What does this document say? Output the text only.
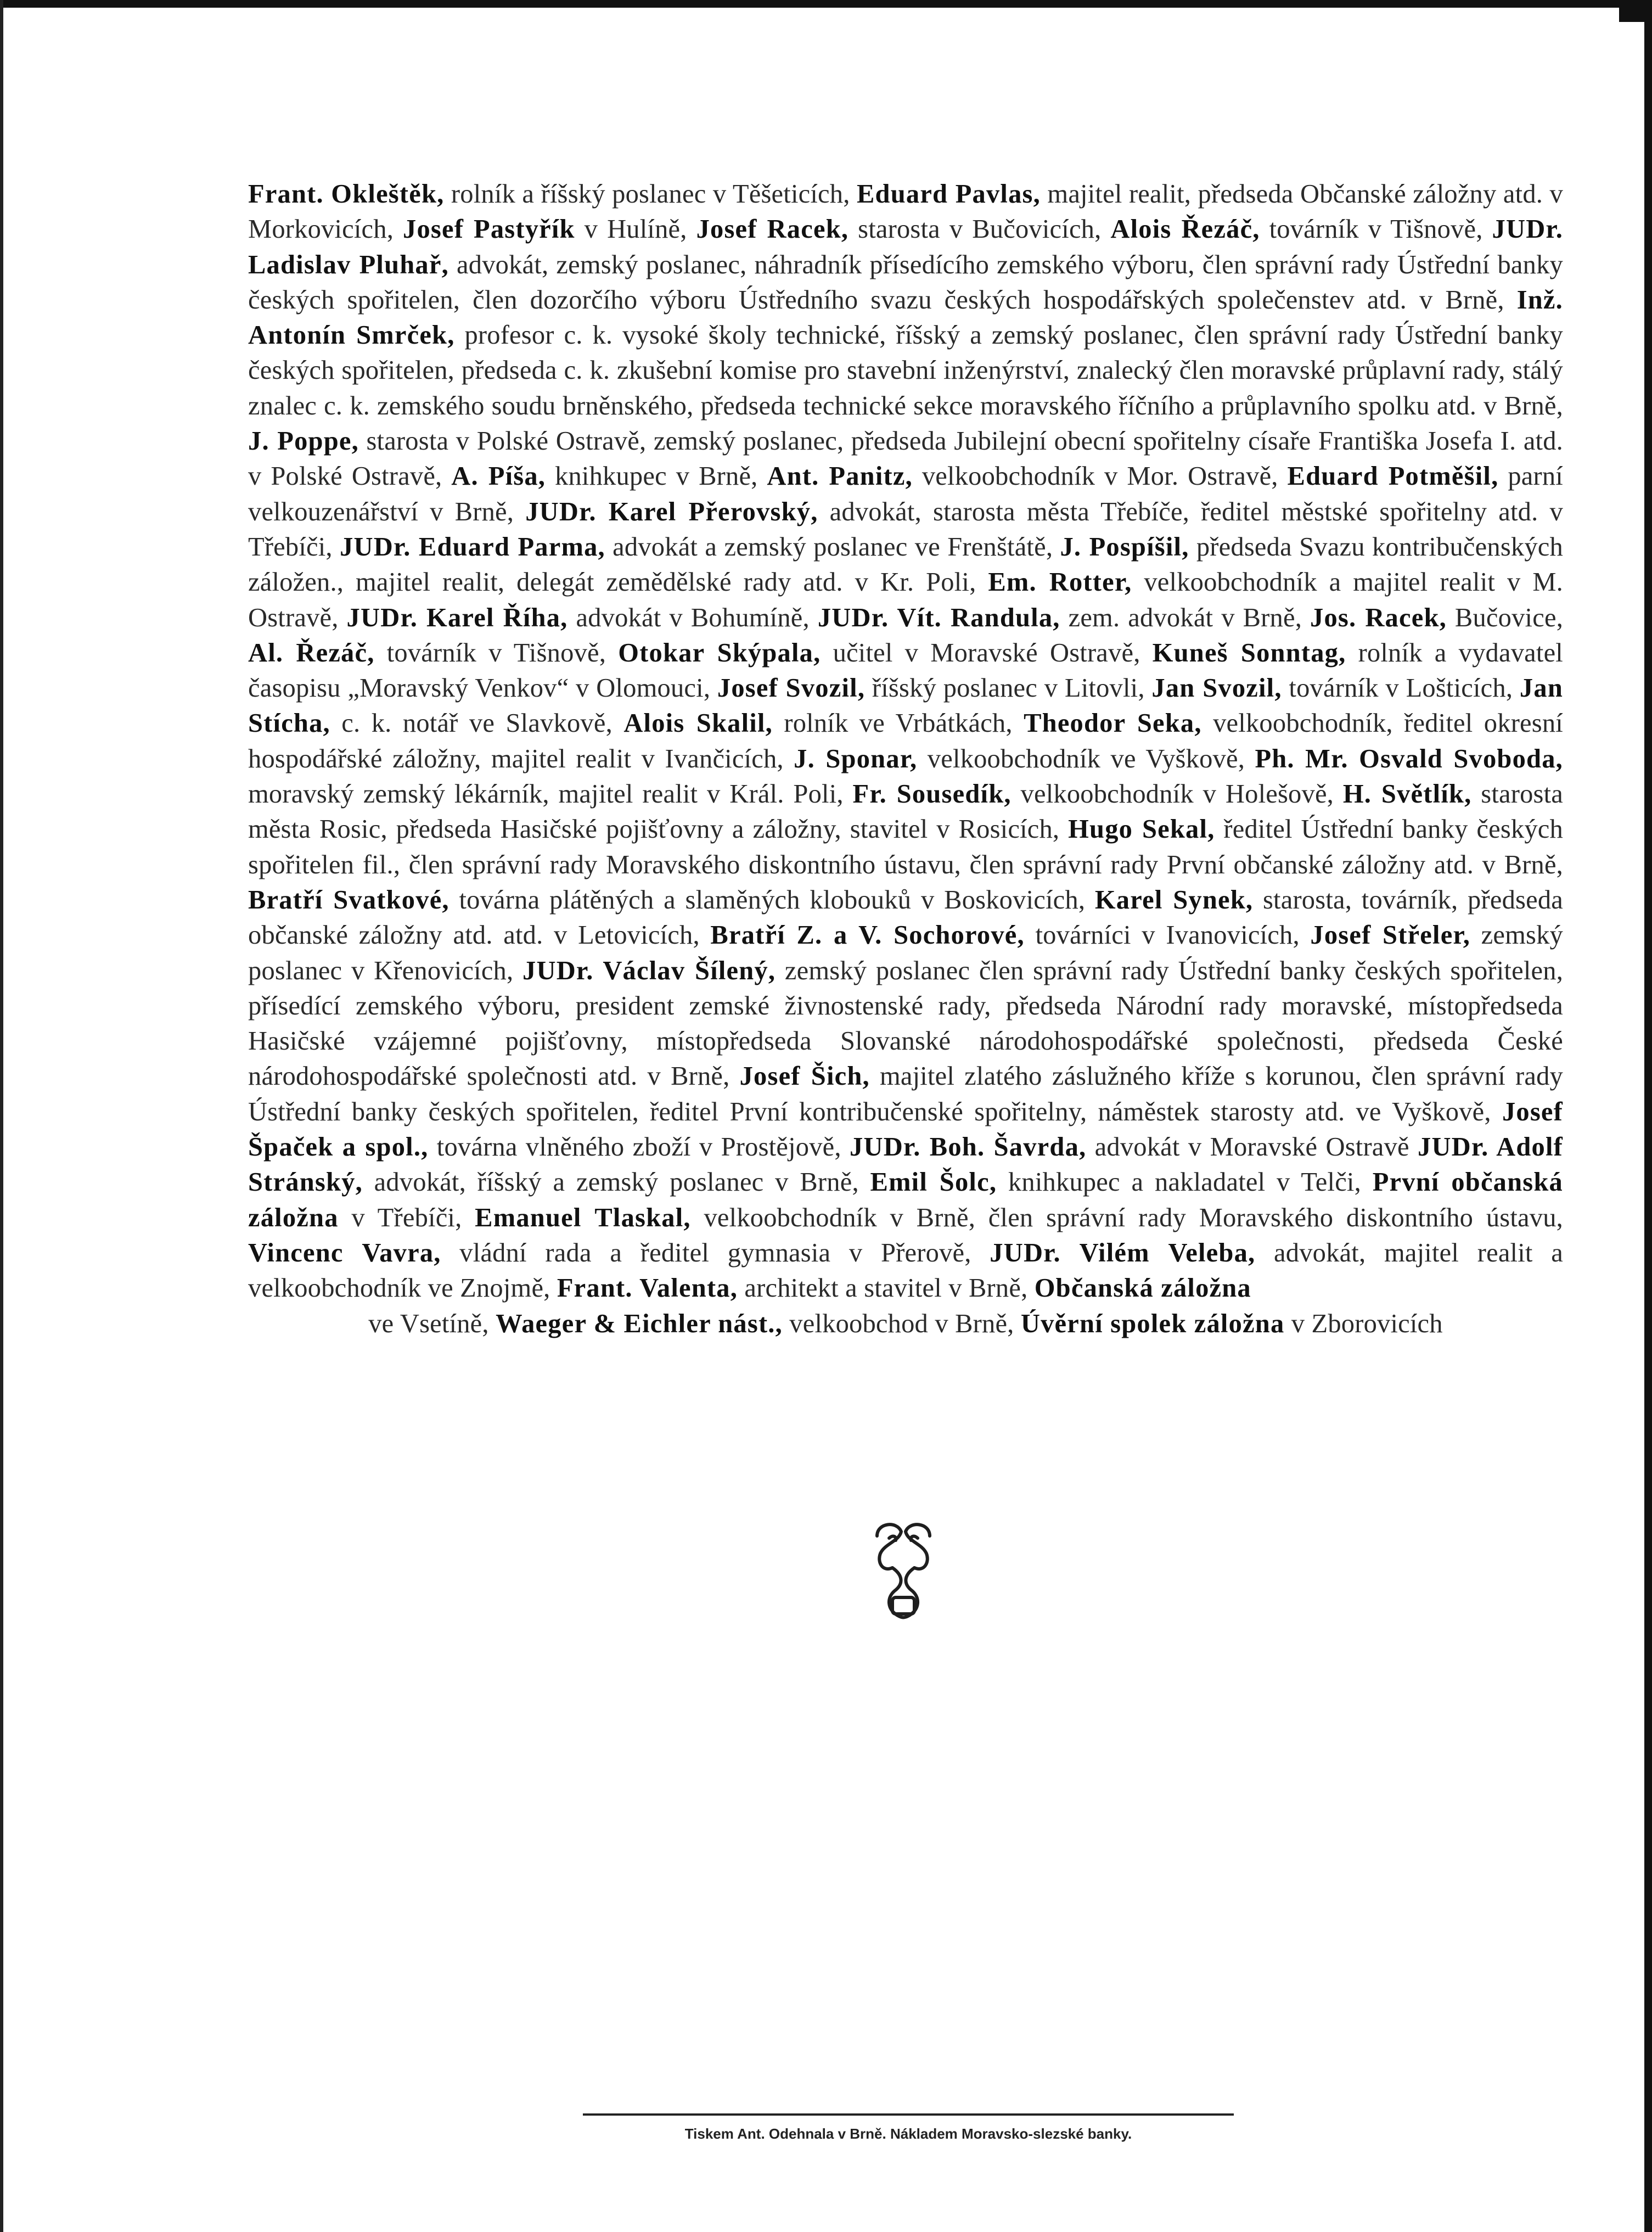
Frant. Okleštěk, rolník a říšský poslanec v Těšeticích, Eduard Pavlas, majitel realit, předseda Občanské záložny atd. v Morkovicích, Josef Pastyřík v Hulíně, Josef Racek, starosta v Bučovicích, Alois Řezáč, továrník v Tišnově, JUDr. Ladislav Pluhař, advokát, zemský poslanec, náhradník přísedícího zemského výboru, člen správní rady Ústřední banky českých spořitelen, člen dozorčího výboru Ústředního svazu českých hospodářských společenstev atd. v Brně, Inž. Antonín Smrček, profesor c. k. vysoké školy technické, říšský a zemský poslanec, člen správní rady Ústřední banky českých spořitelen, předseda c. k. zkušební komise pro stavební inženýrství, znalecký člen moravské průplavní rady, stálý znalec c. k. zemského soudu brněnského, předseda technické sekce moravského říčního a průplavního spolku atd. v Brně, J. Poppe, starosta v Polské Ostravě, zemský poslanec, předseda Jubilejní obecní spořitelny císaře Františka Josefa I. atd. v Polské Ostravě, A. Píša, knihkupec v Brně, Ant. Panitz, velkoobchodník v Mor. Ostravě, Eduard Potměšil, parní velkouzenářství v Brně, JUDr. Karel Přerovský, advokát, starosta města Třebíče, ředitel městské spořitelny atd. v Třebíči, JUDr. Eduard Parma, advokát a zemský poslanec ve Frenštátě, J. Pospíšil, předseda Svazu kontribučenských záložen., majitel realit, delegát zemědělské rady atd. v Kr. Poli, Em. Rotter, velkoobchodník a majitel realit v M. Ostravě, JUDr. Karel Říha, advokát v Bohumíně, JUDr. Vít. Randula, zem. advokát v Brně, Jos. Racek, Bučovice, Al. Řezáč, továrník v Tišnově, Otokar Skýpala, učitel v Moravské Ostravě, Kuneš Sonntag, rolník a vydavatel časopisu „Moravský Venkov“ v Olomouci, Josef Svozil, říšský poslanec v Litovli, Jan Svozil, továrník v Lošticích, Jan Stícha, c. k. notář ve Slavkově, Alois Skalil, rolník ve Vrbátkách, Theodor Seka, velkoobchodník, ředitel okresní hospodářské záložny, majitel realit v Ivančicích, J. Sponar, velkoobchodník ve Vyškově, Ph. Mr. Osvald Svoboda, moravský zemský lékárník, majitel realit v Král. Poli, Fr. Sousedík, velkoobchodník v Holešově, H. Světlík, starosta města Rosic, předseda Hasičské pojišťovny a záložny, stavitel v Rosicích, Hugo Sekal, ředitel Ústřední banky českých spořitelen fil., člen správní rady Moravského diskontního ústavu, člen správní rady První občanské záložny atd. v Brně, Bratří Svatkové, továrna plátěných a slaměných klobouků v Boskovicích, Karel Synek, starosta, továrník, předseda občanské záložny atd. atd. v Letovicích, Bratří Z. a V. Sochorové, továrníci v Ivanovicích, Josef Střeler, zemský poslanec v Křenovicích, JUDr. Václav Šílený, zemský poslanec člen správní rady Ústřední banky českých spořitelen, přísedící zemského výboru, president zemské živnostenské rady, předseda Národní rady moravské, místopředseda Hasičské vzájemné pojišťovny, místopředseda Slovanské národohospodářské společnosti, předseda České národohospodářské společnosti atd. v Brně, Josef Šich, majitel zlatého záslužného kříže s korunou, člen správní rady Ústřední banky českých spořitelen, ředitel První kontribučenské spořitelny, náměstek starosty atd. ve Vyškově, Josef Špaček a spol., továrna vlněného zboží v Prostějově, JUDr. Boh. Šavrda, advokát v Moravské Ostravě JUDr. Adolf Stránský, advokát, říšský a zemský poslanec v Brně, Emil Šolc, knihkupec a nakladatel v Telči, První občanská záložna v Třebíči, Emanuel Tlaskal, velkoobchodník v Brně, člen správní rady Moravského diskontního ústavu, Vincenc Vavra, vládní rada a ředitel gymnasia v Přerově, JUDr. Vilém Veleba, advokát, majitel realit a velkoobchodník ve Znojmě, Frant. Valenta, architekt a stavitel v Brně, Občanská záložna
ve Vsetíně, Waeger & Eichler nást., velkoobchod v Brně, Úvěrní spolek záložna v Zborovicích
Tiskem Ant. Odehnala v Brně. Nákladem Moravsko-slezské banky.
